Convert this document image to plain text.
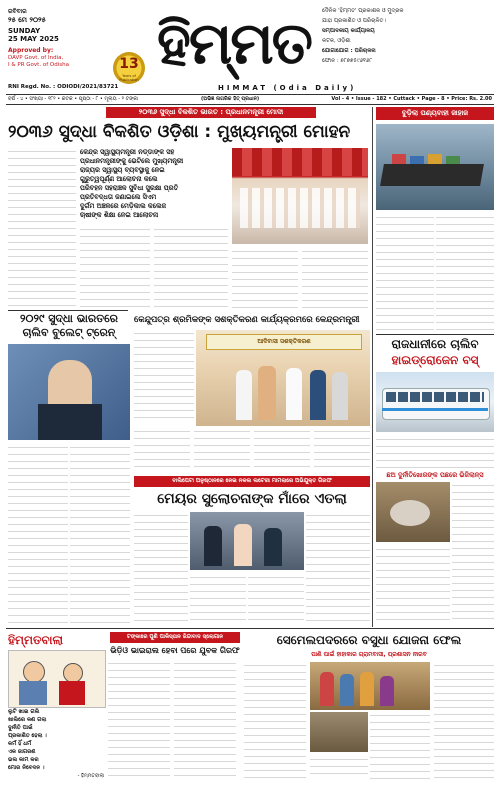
ରବିବାର
୨୫ ମେ ୨୦୨୫
SUNDAY
25 MAY 2025
Approved by:
DAVP Govt. of India,
I & PR Govt. of Odisha
RNI Regd. No. : ODIODI/2021/83721
13
Years of Publication
ହିମ୍ମତ
HIMMAT (Odia Daily)
ଦୈନିକ 'ହିମ୍ମତ' ପ୍ରକାଶକ ଓ ମୁଦ୍ରକ
ଯାହା ପ୍ରକାଶିତ ଓ ପରିଚାଳିତ।
ସମ୍ପାଦକୀୟ କାର୍ଯ୍ୟାଳୟ
କଟକ, ଓଡ଼ିଶା
ଯୋଗାଯୋଗ : ପରିଚାଳନା
ଫୋନ : ୭୮୭୭୫୯୬୧୬୮
ବର୍ଷ - ୪ • ସଂଖ୍ୟା - ୧୮୨ • କଟକ • ପୃଷ୍ଠା - ୮ • ମୂଲ୍ୟ - ୨ ଟଙ୍କା	(ଅଭିଜ୍ଞ ନାଗରିକ ହିତ୍ ପ୍ରଧାନ)	Vol - 4 • Issue - 182 • Cuttack • Page - 8 • Price: Rs. 2.00
୨୦୩୬ ସୁଦ୍ଧା ବିକଶିତ ଭାରତ : ପ୍ରଧାନମନ୍ତ୍ରୀ ମୋଦୀ
୨୦୩୬ ସୁଦ୍ଧା ବିକଶିତ ଓଡ଼ିଶା : ମୁଖ୍ୟମନ୍ତ୍ରୀ ମୋହନ
କେନ୍ଦ୍ର ସ୍ୱାସ୍ଥ୍ୟମନ୍ତ୍ରୀ ନଡ୍ଡାଙ୍କ ସହ
ପ୍ରଧାନମନ୍ତ୍ରୀଙ୍କୁ ଭେଟିଲେ ମୁଖ୍ୟମନ୍ତ୍ରୀ
ରାଜ୍ୟର ସ୍ୱାସ୍ଥ୍ୟ ବ୍ୟବସ୍ଥାକୁ ନେଇ
ଗୁରୁତ୍ୱପୂର୍ଣ୍ଣ ଆଲୋଚନା କଲେ
ପରିବହନ ସହରାଞ୍ଚଳ ସୁବିଧା ସୁରକ୍ଷା ପ୍ରତି
ପ୍ରତିବଦ୍ଧତା ଜଣାଇଲେ ସିଏମ
ଦୁର୍ଗମ ଅଞ୍ଚଳରେ ମେଡ଼ିକାଲ କଲେଜ
ଚାଷୀଙ୍କ ଶିକ୍ଷା ନେଇ ଆଲୋଚନା
୨୦୨୯ ସୁଦ୍ଧା ଭାରତରେ
ଚାଲିବ ବୁଲେଟ୍ ଟ୍ରେନ୍
କେନ୍ଦୁପତ୍ର ଶ୍ରମିକଙ୍କ ସଶକ୍ତିକରଣ କାର୍ଯ୍ୟକ୍ରମରେ କେନ୍ଦ୍ରମନ୍ତ୍ରୀ
ଆଦିବାସୀ ସଶକ୍ତିକରଣ
ବାଲିପେଟା ଅନୁଷ୍ଠାନରେ ନେଇ ନକଲ ଲଟେରୀ ମାମଲାରେ ଅଭିଯୁକ୍ତ ଗିରଫ
ମେୟର ସୁଲୋଚନାଙ୍କ ମାଁରେ ଏତଲା
ବୁଡ଼ିଲା ପଣ୍ୟବାହୀ ଜାହାଜ
ରାଜଧାନୀରେ ଚାଲିବ
ହାଇଡ୍ରୋଜେନ ବସ୍
ଛଅ ଦୁର୍ନୀତିଖୋରଙ୍କ ପଛରେ ଭିଜିଲାନ୍ସ
ହିମ୍ମତବାଲା
ଲୁଟି ଖାଇ ଗଲି
ଖାଲିରେ କଣ ଗଲା
ଦୁର୍ନୀତି ପାଇଁ
ପ୍ରକାଶିତ ହେଲା ।
କର୍ମ ହିଁ ଧର୍ମ
ଏକ ଜାଗରଣ
ଭଲ କାମ କର
ମୋର ନିବେଦନ ।
- ହିମ୍ମତବାଲା
ଟଙ୍କାରେ ପୁଣି ପାକିସ୍ତାନ ଜିନ୍ଦାବାଦ ସ୍ଲୋଗାନ
ଭିଡ଼ିଓ ଭାଇରାଲ ହେବା ପରେ ଯୁବକ ଗିରଫ
ସେମେଲପଦରରେ ବସୁଧା ଯୋଜନା ଫେଲ
ପାଣି ପାଇଁ ହାହାକାର ଗ୍ରାମବାସୀ, ପ୍ରଶାସନ ନୀରବ
